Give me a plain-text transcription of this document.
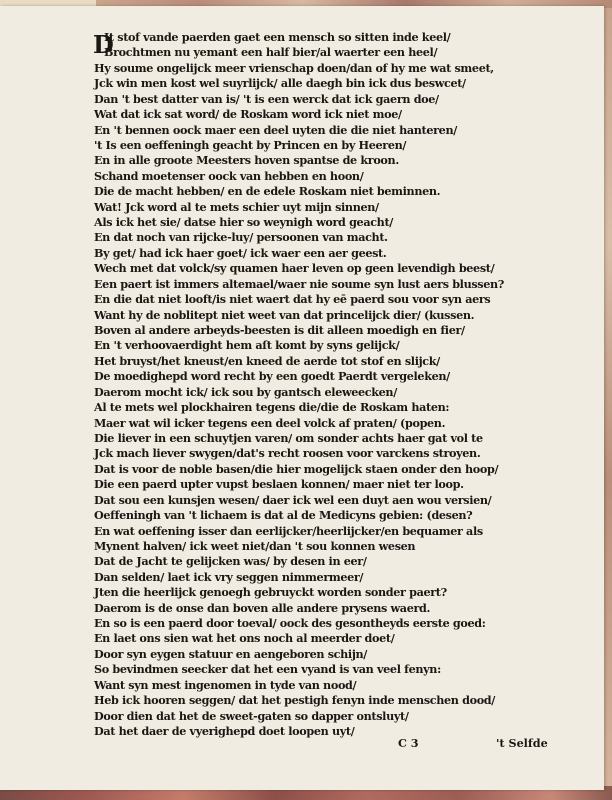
D
It stof vande paerden gaet een mensch so sitten inde keel/
Brochtmen nu yemant een half bier/al waerter een heel/
Hy soume ongelijck meer vrienschap doen/dan of hy me wat smeet,
Jck win men kost wel suyrlijck/ alle daegh bin ick dus beswcet/
Dan 't best datter van is/ 't is een werck dat ick gaern doe/
Wat dat ick sat word/ de Roskam word ick niet moe/
En 't bennen oock maer een deel uyten die die niet hanteren/
't Is een oeffeningh geacht by Princen en by Heeren/
En in alle groote Meesters hoven spantse de kroon.
Schand moetenser oock van hebben en hoon/
Die de macht hebben/ en de edele Roskam niet beminnen.
Wat! Jck word al te mets schier uyt mijn sinnen/
Als ick het sie/ datse hier so weynigh word geacht/
En dat noch van rijcke-luy/ persoonen van macht.
By get/ had ick haer goet/ ick waer een aer geest.
Wech met dat volck/sy quamen haer leven op geen levendigh beest/
Een paert ist immers altemael/waer nie soume syn lust aers blussen?
En die dat niet looft/is niet waert dat hy eē paerd sou voor syn aers
Want hy de noblitept niet weet van dat princelijck dier/ (kussen.
Boven al andere arbeyds-beesten is dit alleen moedigh en fier/
En 't verhoovaerdight hem aſt komt by syns gelijck/
Het bruyst/het kneust/en kneed de aerde tot stof en slijck/
De moedighepd word recht by een goedt Paerdt vergeleken/
Daerom mocht ick/ ick sou by gantsch eleweecken/
Al te mets wel plockhairen tegens die/die de Roskam haten:
Maer wat wil icker tegens een deel volck af praten/ (popen.
Die liever in een schuytjen varen/ om sonder achts haer gat vol te
Jck mach liever swygen/dat's recht roosen voor varckens stroyen.
Dat is voor de noble basen/die hier mogelijck staen onder den hoop/
Die een paerd upter vupst beslaen konnen/ maer niet ter loop.
Dat sou een kunsjen wesen/ daer ick wel een duyt aen wou versien/
Oeffeningh van 't lichaem is dat al de Medicyns gebien: (desen?
En wat oeffening isser dan eerlijcker/heerlijcker/en bequamer als
Mynent halven/ ick weet niet/dan 't sou konnen wesen
Dat de Jacht te gelijcken was/ by desen in eer/
Dan selden/ laet ick vry seggen nimmermeer/
Jten die heerlijck genoegh gebruyckt worden sonder paert?
Daerom is de onse dan boven alle andere prysens waerd.
En so is een paerd door toeval/ oock des gesontheyds eerste goed:
En laet ons sien wat het ons noch al meerder doet/
Door syn eygen statuur en aengeboren schijn/
So bevindmen seecker dat het een vyand is van veel fenyn:
Want syn mest ingenomen in tyde van nood/
Heb ick hooren seggen/ dat het pestigh fenyn inde menschen dood/
Door dien dat het de sweet-gaten so dapper ontsluyt/
Dat het daer de vyerighepd doet loopen uyt/
C 3	't Selfde
